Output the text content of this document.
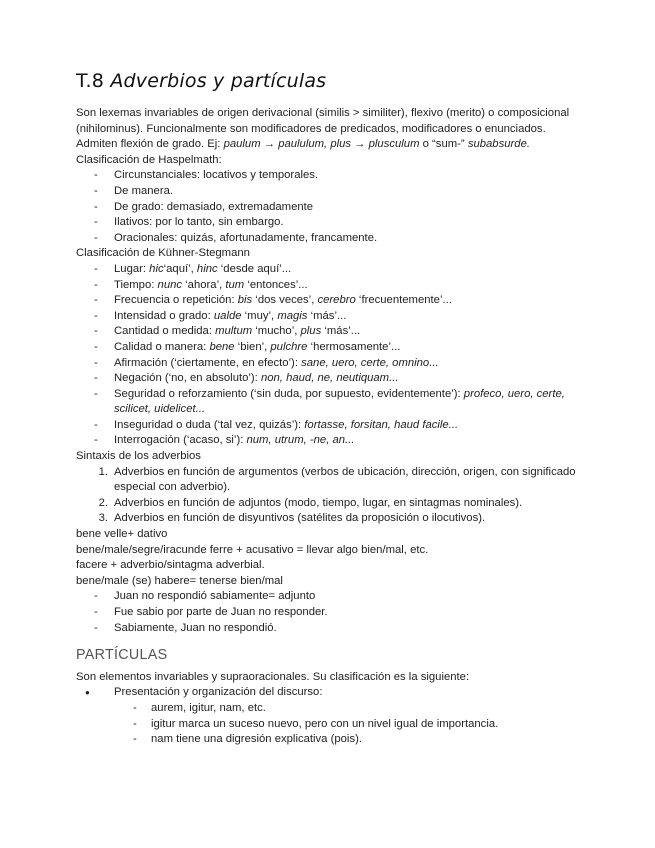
T.8 Adverbios y partículas

Son lexemas invariables de origen derivacional (similis > similiter), flexivo (merito) o composicional (nihilominus). Funcionalmente son modificadores de predicados, modificadores o enunciados.

Admiten flexión de grado. Ej: paulum → paululum, plus → plusculum o “sum-” subabsurde.

Clasificación de Haspelmath:

- Circunstanciales: locativos y temporales.
- De manera.
- De grado: demasiado, extremadamente
- Ilativos: por lo tanto, sin embargo.
- Oracionales: quizás, afortunadamente, francamente.

Clasificación de Kühner-Stegmann

- Lugar: hic‘aquí’, hinc ‘desde aquí’...
- Tiempo: nunc ‘ahora’, tum ‘entonces’...
- Frecuencia o repetición: bis ‘dos veces’, cerebro ‘frecuentemente’...
- Intensidad o grado: ualde ‘muy’, magis ‘más’...
- Cantidad o medida: multum ‘mucho’, plus ‘más’...
- Calidad o manera: bene ‘bien’, pulchre ‘hermosamente’...
- Afirmación (‘ciertamente, en efecto’): sane, uero, certe, omnino...
- Negación (‘no, en absoluto’): non, haud, ne, neutiquam...
- Seguridad o reforzamiento (‘sin duda, por supuesto, evidentemente’): profeco, uero, certe, scilicet, uidelicet...
- Inseguridad o duda (‘tal vez, quizás’): fortasse, forsitan, haud facile...
- Interrogación (‘acaso, si’): num, utrum, -ne, an...

Sintaxis de los adverbios

1. Adverbios en función de argumentos (verbos de ubicación, dirección, origen, con significado especial con adverbio).
2. Adverbios en función de adjuntos (modo, tiempo, lugar, en sintagmas nominales).
3. Adverbios en función de disyuntivos (satélites da proposición o ilocutivos).

bene velle+ dativo

bene/male/segre/iracunde ferre + acusativo = llevar algo bien/mal, etc.

facere + adverbio/sintagma adverbial.

bene/male (se) habere= tenerse bien/mal

- Juan no respondió sabiamente= adjunto
- Fue sabio por parte de Juan no responder.
- Sabiamente, Juan no respondió.
PARTÍCULAS

Son elementos invariables y supraoracionales. Su clasificación es la siguiente:

● Presentación y organización del discurso:
- aurem, igitur, nam, etc.
- igitur marca un suceso nuevo, pero con un nivel igual de importancia.
- nam tiene una digresión explicativa (pois).
